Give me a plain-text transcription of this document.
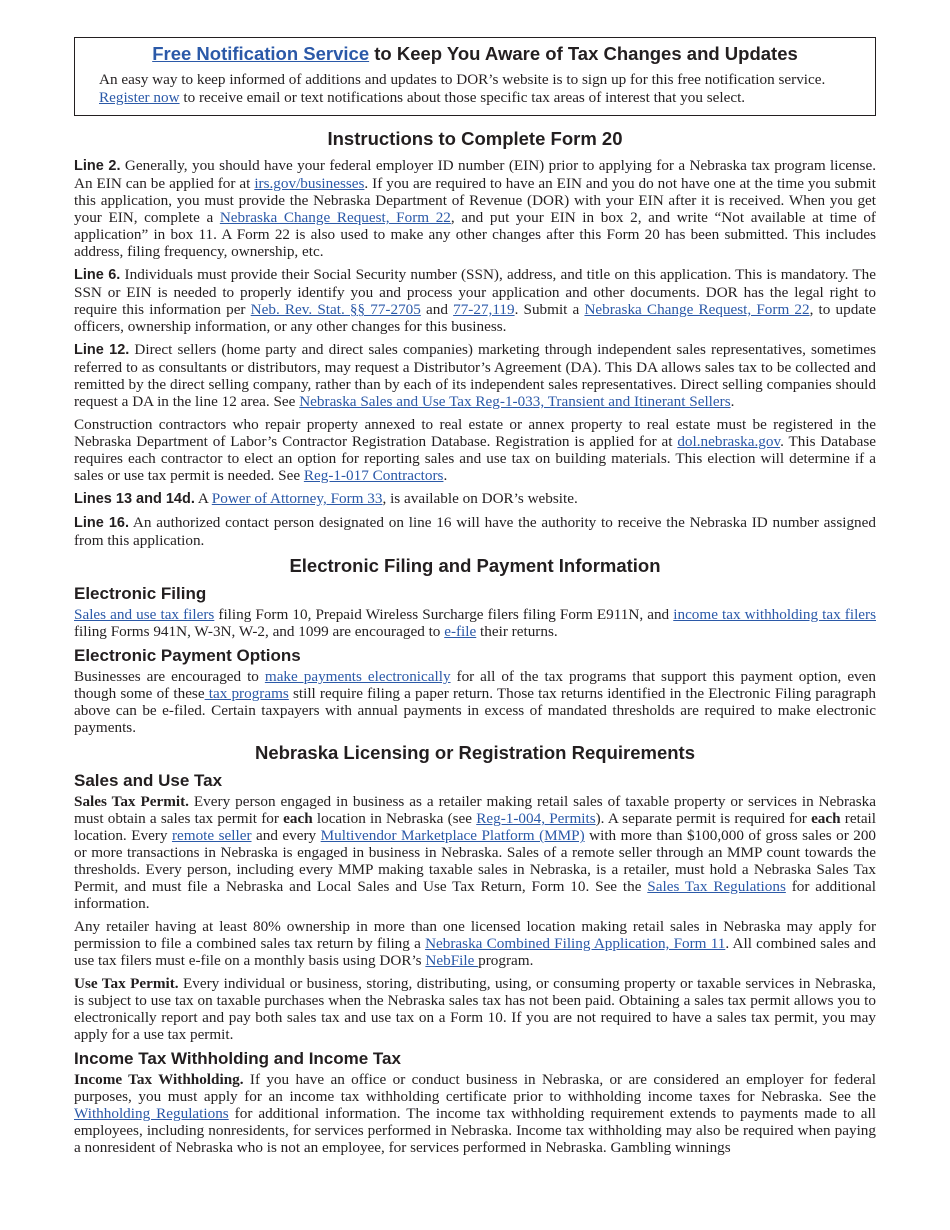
Free Notification Service to Keep You Aware of Tax Changes and Updates

An easy way to keep informed of additions and updates to DOR’s website is to sign up for this free notification service. Register now to receive email or text notifications about those specific tax areas of interest that you select.

Instructions to Complete Form 20

Line 2. Generally, you should have your federal employer ID number (EIN) prior to applying for a Nebraska tax program license. An EIN can be applied for at irs.gov/businesses. If you are required to have an EIN and you do not have one at the time you submit this application, you must provide the Nebraska Department of Revenue (DOR) with your EIN after it is received. When you get your EIN, complete a Nebraska Change Request, Form 22, and put your EIN in box 2, and write “Not available at time of application” in box 11. A Form 22 is also used to make any other changes after this Form 20 has been submitted. This includes address, filing frequency, ownership, etc.

Line 6. Individuals must provide their Social Security number (SSN), address, and title on this application. This is mandatory. The SSN or EIN is needed to properly identify you and process your application and other documents. DOR has the legal right to require this information per Neb. Rev. Stat. §§ 77-2705 and 77-27,119. Submit a Nebraska Change Request, Form 22, to update officers, ownership information, or any other changes for this business.

Line 12. Direct sellers (home party and direct sales companies) marketing through independent sales representatives, sometimes referred to as consultants or distributors, may request a Distributor’s Agreement (DA). This DA allows sales tax to be collected and remitted by the direct selling company, rather than by each of its independent sales representatives. Direct selling companies should request a DA in the line 12 area. See Nebraska Sales and Use Tax Reg-1-033, Transient and Itinerant Sellers.

Construction contractors who repair property annexed to real estate or annex property to real estate must be registered in the Nebraska Department of Labor’s Contractor Registration Database. Registration is applied for at dol.nebraska.gov. This Database requires each contractor to elect an option for reporting sales and use tax on building materials. This election will determine if a sales or use tax permit is needed. See Reg-1-017 Contractors.

Lines 13 and 14d. A Power of Attorney, Form 33, is available on DOR’s website.

Line 16. An authorized contact person designated on line 16 will have the authority to receive the Nebraska ID number assigned from this application.

Electronic Filing and Payment Information
Electronic Filing

Sales and use tax filers filing Form 10, Prepaid Wireless Surcharge filers filing Form E911N, and income tax withholding tax filers filing Forms 941N, W-3N, W-2, and 1099 are encouraged to e-file their returns.

Electronic Payment Options

Businesses are encouraged to make payments electronically for all of the tax programs that support this payment option, even though some of these tax programs still require filing a paper return. Those tax returns identified in the Electronic Filing paragraph above can be e-filed. Certain taxpayers with annual payments in excess of mandated thresholds are required to make electronic payments.

Nebraska Licensing or Registration Requirements
Sales and Use Tax

Sales Tax Permit. Every person engaged in business as a retailer making retail sales of taxable property or services in Nebraska must obtain a sales tax permit for each location in Nebraska (see Reg-1-004, Permits). A separate permit is required for each retail location. Every remote seller and every Multivendor Marketplace Platform (MMP) with more than $100,000 of gross sales or 200 or more transactions in Nebraska is engaged in business in Nebraska. Sales of a remote seller through an MMP count towards the thresholds. Every person, including every MMP making taxable sales in Nebraska, is a retailer, must hold a Nebraska Sales Tax Permit, and must file a Nebraska and Local Sales and Use Tax Return, Form 10. See the Sales Tax Regulations for additional information.

Any retailer having at least 80% ownership in more than one licensed location making retail sales in Nebraska may apply for permission to file a combined sales tax return by filing a Nebraska Combined Filing Application, Form 11. All combined sales and use tax filers must e-file on a monthly basis using DOR’s NebFile program.

Use Tax Permit. Every individual or business, storing, distributing, using, or consuming property or taxable services in Nebraska, is subject to use tax on taxable purchases when the Nebraska sales tax has not been paid. Obtaining a sales tax permit allows you to electronically report and pay both sales tax and use tax on a Form 10. If you are not required to have a sales tax permit, you may apply for a use tax permit.

Income Tax Withholding and Income Tax

Income Tax Withholding. If you have an office or conduct business in Nebraska, or are considered an employer for federal purposes, you must apply for an income tax withholding certificate prior to withholding income taxes for Nebraska. See the Withholding Regulations for additional information. The income tax withholding requirement extends to payments made to all employees, including nonresidents, for services performed in Nebraska. Income tax withholding may also be required when paying a nonresident of Nebraska who is not an employee, for services performed in Nebraska. Gambling winnings
